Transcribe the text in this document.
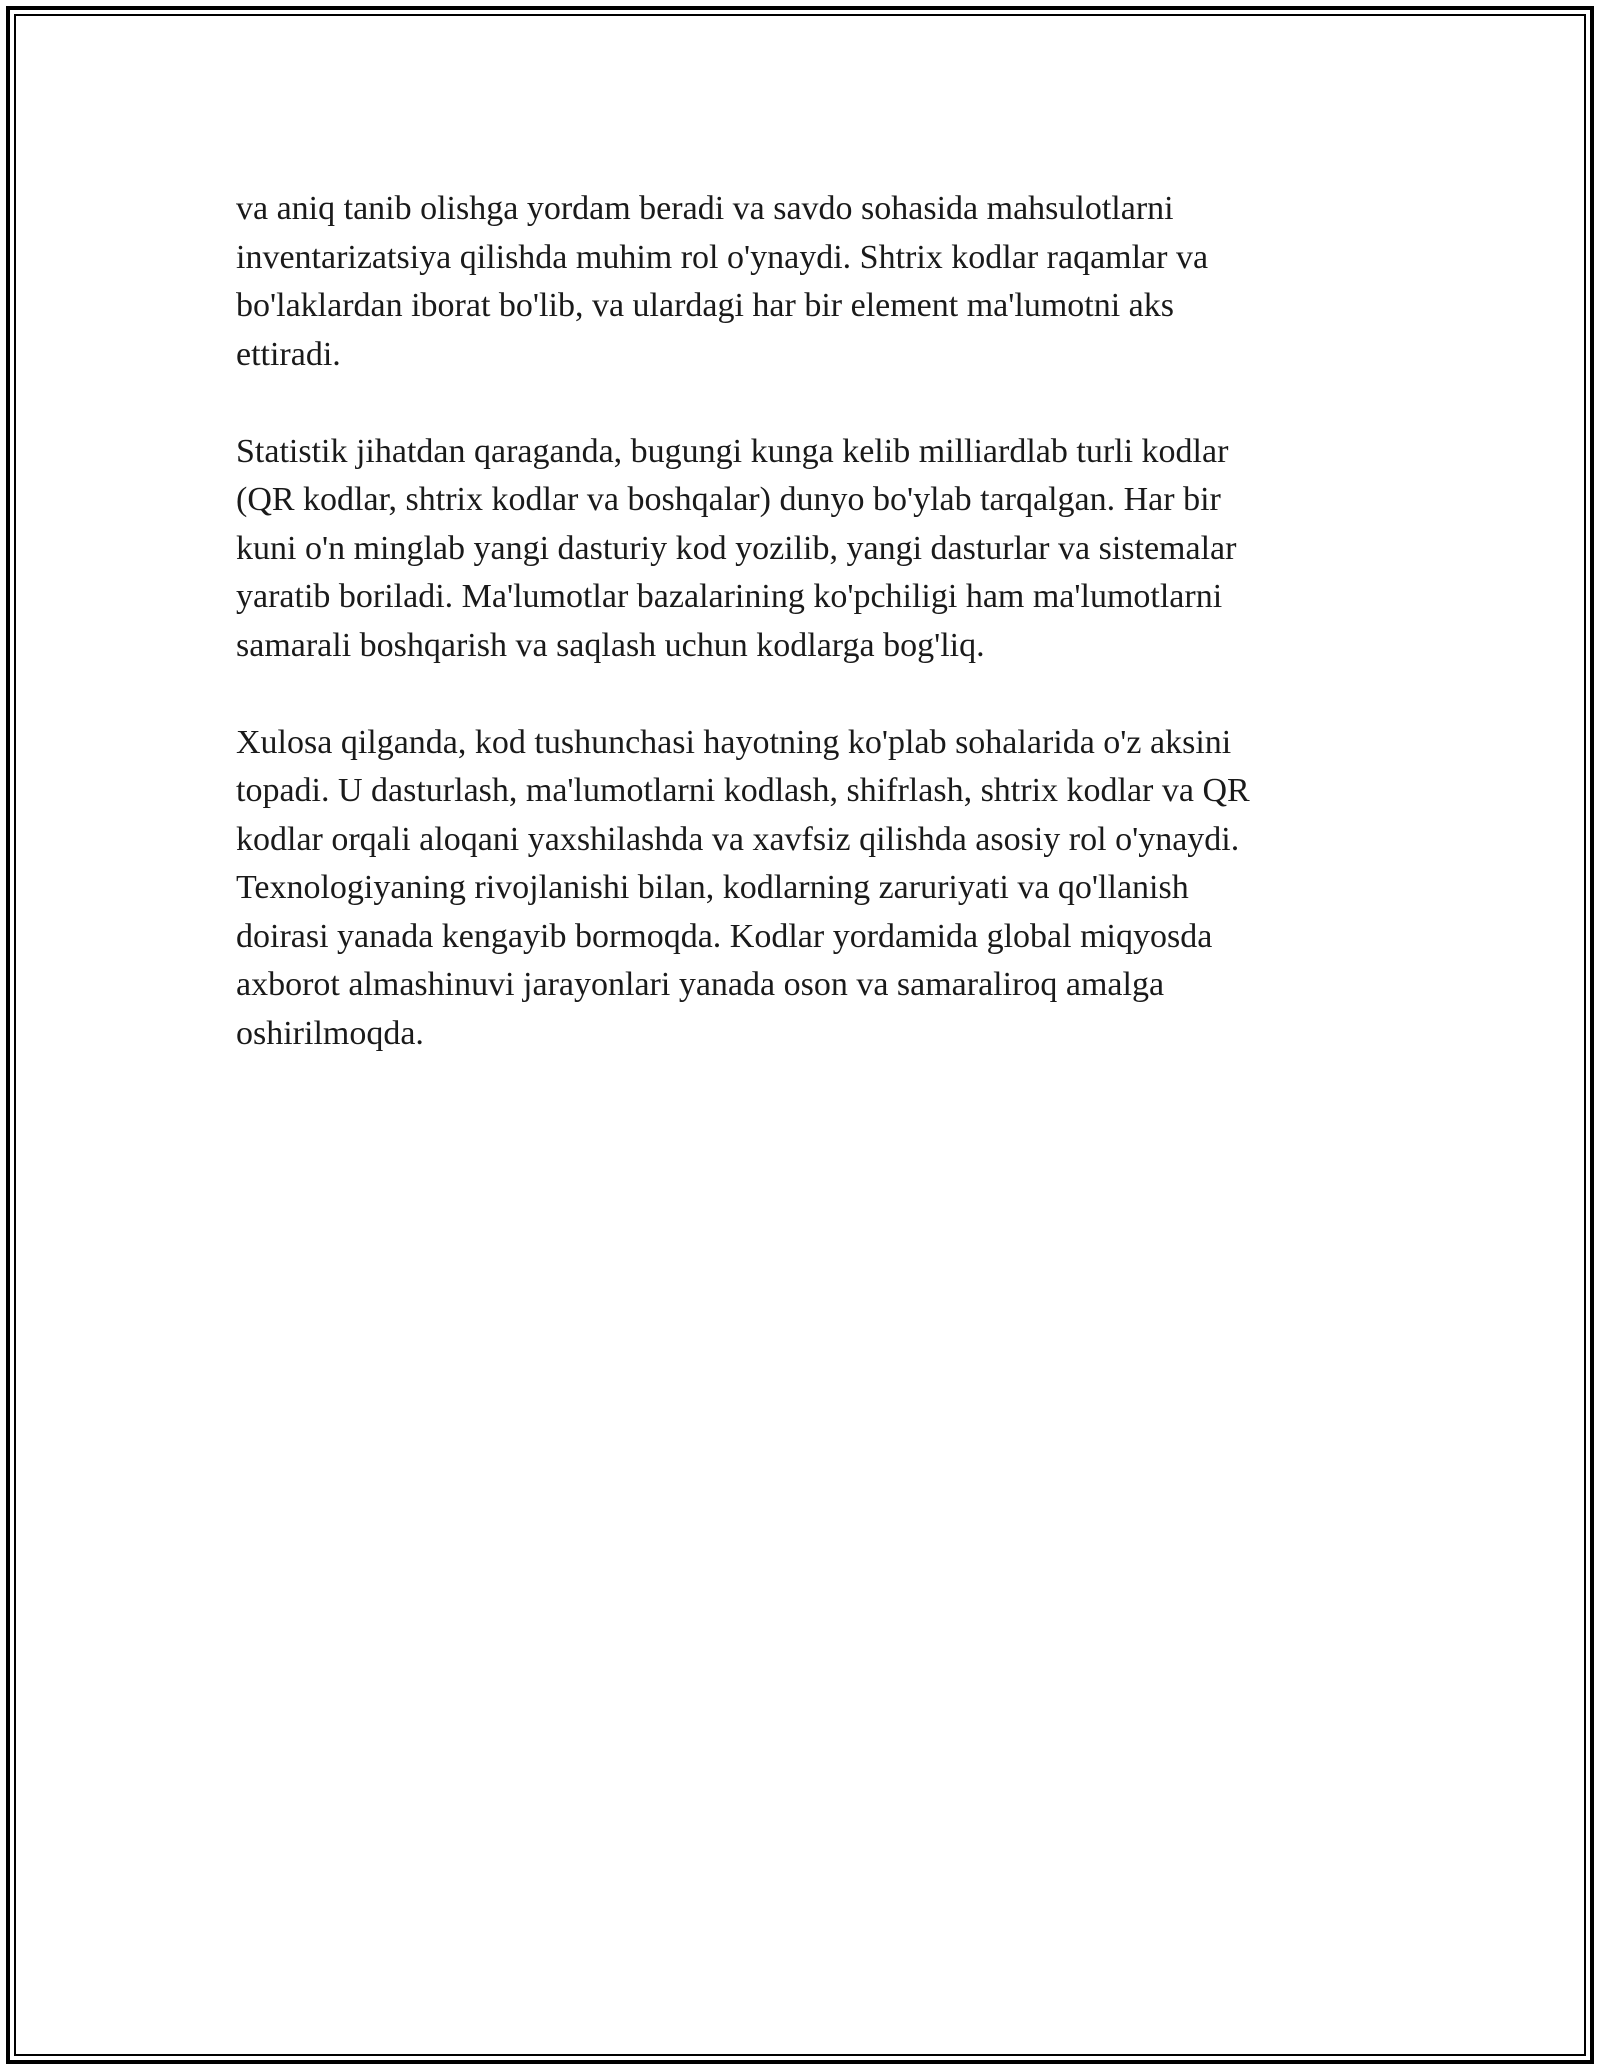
va aniq tanib olishga yordam beradi va savdo sohasida mahsulotlarni
inventarizatsiya qilishda muhim rol o'ynaydi. Shtrix kodlar raqamlar va
bo'laklardan iborat bo'lib, va ulardagi har bir element ma'lumotni aks
ettiradi.

Statistik jihatdan qaraganda, bugungi kunga kelib milliardlab turli kodlar
(QR kodlar, shtrix kodlar va boshqalar) dunyo bo'ylab tarqalgan. Har bir
kuni o'n minglab yangi dasturiy kod yozilib, yangi dasturlar va sistemalar
yaratib boriladi. Ma'lumotlar bazalarining ko'pchiligi ham ma'lumotlarni
samarali boshqarish va saqlash uchun kodlarga bog'liq.

Xulosa qilganda, kod tushunchasi hayotning ko'plab sohalarida o'z aksini
topadi. U dasturlash, ma'lumotlarni kodlash, shifrlash, shtrix kodlar va QR
kodlar orqali aloqani yaxshilashda va xavfsiz qilishda asosiy rol o'ynaydi.
Texnologiyaning rivojlanishi bilan, kodlarning zaruriyati va qo'llanish
doirasi yanada kengayib bormoqda. Kodlar yordamida global miqyosda
axborot almashinuvi jarayonlari yanada oson va samaraliroq amalga
oshirilmoqda.
